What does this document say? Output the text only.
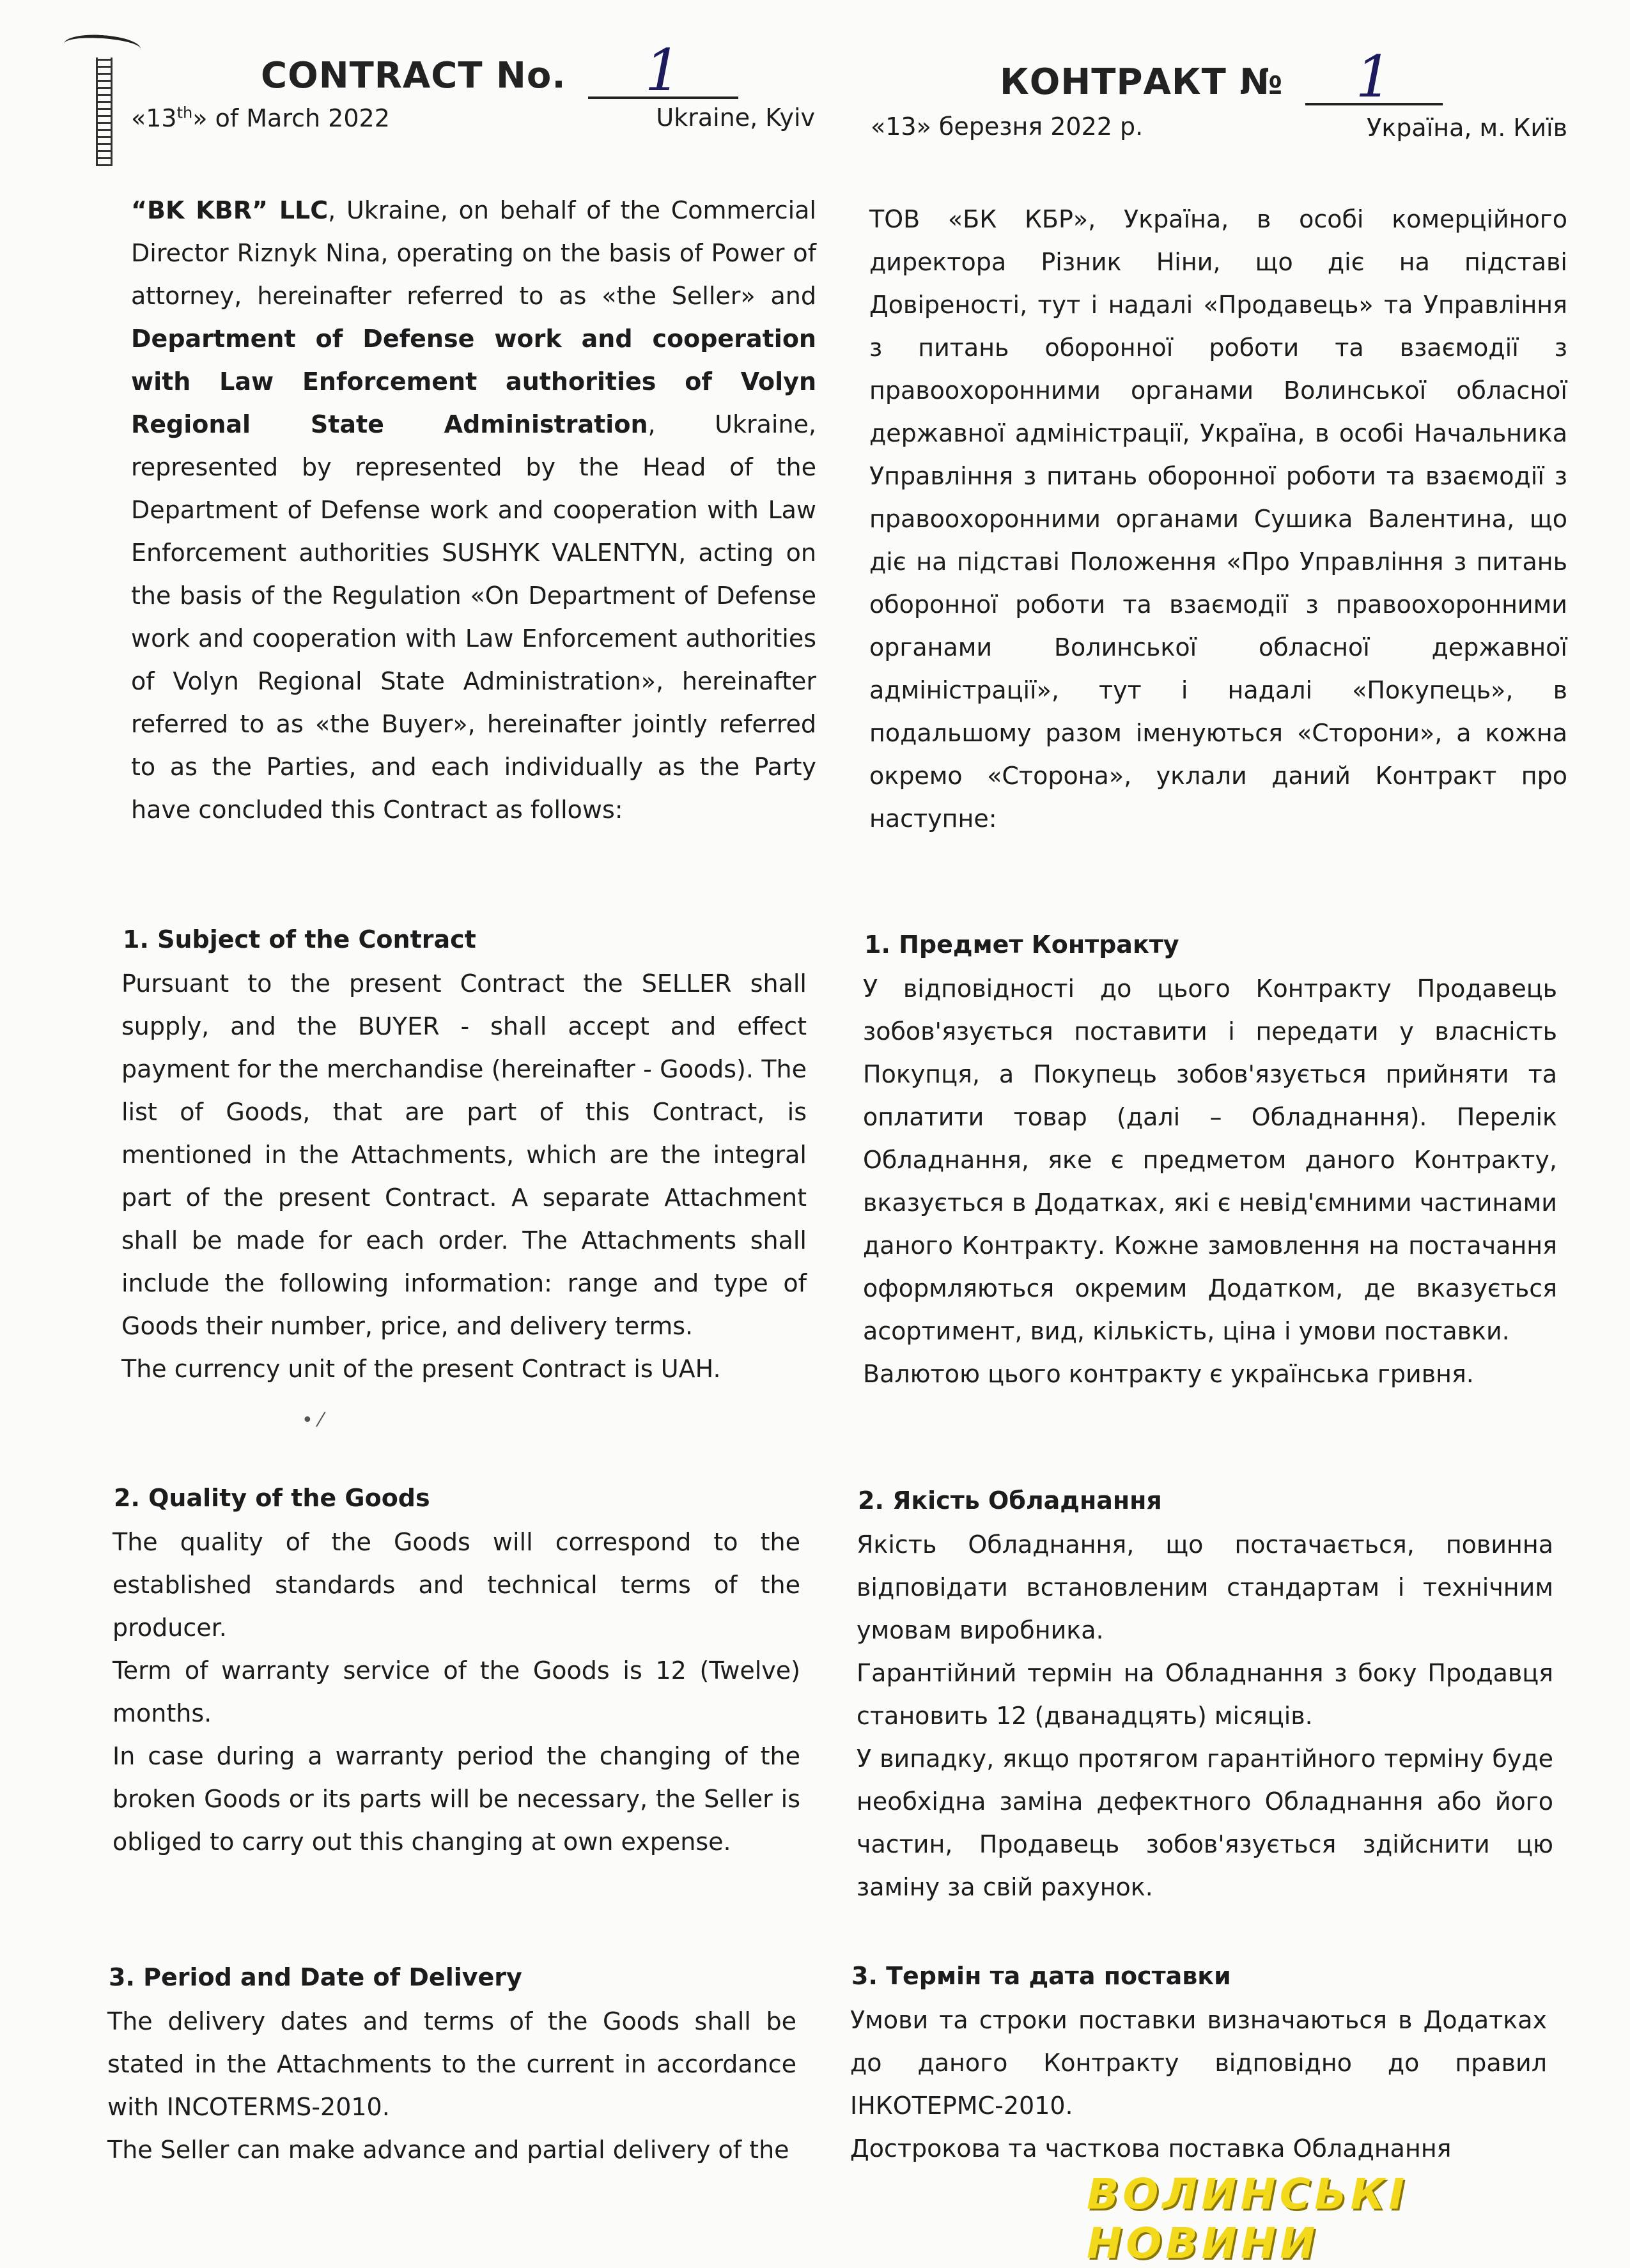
CONTRACT No. 1
«13th» of March 2022	Ukraine, Kyiv
“BK KBR” LLC, Ukraine, on behalf of the Commercial Director Riznyk Nina, operating on the basis of Power of attorney, hereinafter referred to as «the Seller» and Department of Defense work and cooperation with Law Enforcement authorities of Volyn Regional State Administration, Ukraine, represented by represented by the Head of the Department of Defense work and cooperation with Law Enforcement authorities SUSHYK VALENTYN, acting on the basis of the Regulation «On Department of Defense work and cooperation with Law Enforcement authorities of Volyn Regional State Administration», hereinafter referred to as «the Buyer», hereinafter jointly referred to as the Parties, and each individually as the Party have concluded this Contract as follows:
1. Subject of the Contract

Pursuant to the present Contract the SELLER shall supply, and the BUYER - shall accept and effect payment for the merchandise (hereinafter - Goods). The list of Goods, that are part of this Contract, is mentioned in the Attachments, which are the integral part of the present Contract. A separate Attachment shall be made for each order. The Attachments shall include the following information: range and type of Goods their number, price, and delivery terms.

The currency unit of the present Contract is UAH.

• ⁄
2. Quality of the Goods

The quality of the Goods will correspond to the established standards and technical terms of the producer.

Term of warranty service of the Goods is 12 (Twelve) months.

In case during a warranty period the changing of the broken Goods or its parts will be necessary, the Seller is obliged to carry out this changing at own expense.

3. Period and Date of Delivery

The delivery dates and terms of the Goods shall be stated in the Attachments to the current in accordance with INCOTERMS-2010.

The Seller can make advance and partial delivery of the

КОНТРАКТ № 1
«13» березня 2022 р.	Україна, м. Київ

ТОВ «БК КБР», Україна, в особі комерційного директора Різник Ніни, що діє на підставі Довіреності, тут і надалі «Продавець» та Управління з питань оборонної роботи та взаємодії з правоохоронними органами Волинської обласної державної адміністрації, Україна, в особі Начальника Управління з питань оборонної роботи та взаємодії з правоохоронними органами Сушика Валентина, що діє на підставі Положення «Про Управління з питань оборонної роботи та взаємодії з правоохоронними органами Волинської обласної державної адміністрації», тут і надалі «Покупець», в подальшому разом іменуються «Сторони», а кожна окремо «Сторона», уклали даний Контракт про наступне:

1. Предмет Контракту

У відповідності до цього Контракту Продавець зобов'язується поставити і передати у власність Покупця, а Покупець зобов'язується прийняти та оплатити товар (далі – Обладнання). Перелік Обладнання, яке є предметом даного Контракту, вказується в Додатках, які є невід'ємними частинами даного Контракту. Кожне замовлення на постачання оформляються окремим Додатком, де вказується асортимент, вид, кількість, ціна і умови поставки.

Валютою цього контракту є українська гривня.

2. Якість Обладнання

Якість Обладнання, що постачається, повинна відповідати встановленим стандартам і технічним умовам виробника.

Гарантійний термін на Обладнання з боку Продавця становить 12 (дванадцять) місяців.

У випадку, якщо протягом гарантійного терміну буде необхідна заміна дефектного Обладнання або його частин, Продавець зобов'язується здійснити цю заміну за свій рахунок.

3. Термін та дата поставки

Умови та строки поставки визначаються в Додатках до даного Контракту відповідно до правил ІНКОТЕРМС-2010.

Дострокова та часткова поставка Обладнання

ВОЛИНСЬКІ НОВИНИ
